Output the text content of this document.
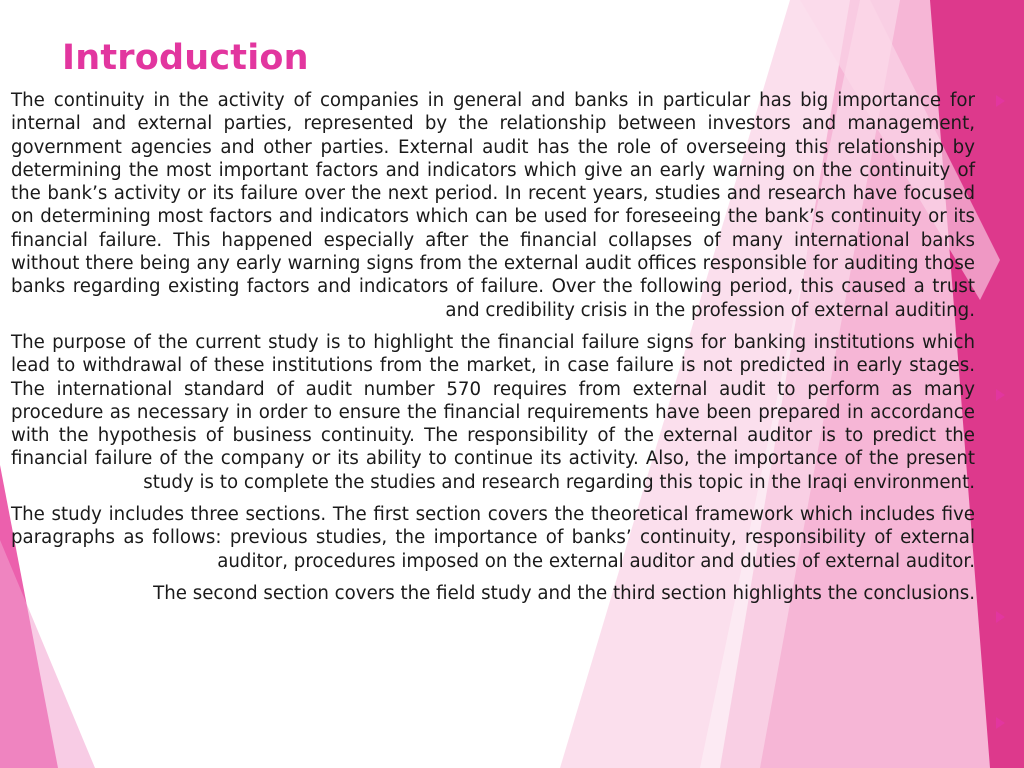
Introduction

The continuity in the activity of companies in general and banks in particular has big importance for internal and external parties, represented by the relationship between investors and management, government agencies and other parties. External audit has the role of overseeing this relationship by determining the most important factors and indicators which give an early warning on the continuity of the bank’s activity or its failure over the next period. In recent years, studies and research have focused on determining most factors and indicators which can be used for foreseeing the bank’s continuity or its financial failure. This happened especially after the financial collapses of many international banks without there being any early warning signs from the external audit offices responsible for auditing those banks regarding existing factors and indicators of failure. Over the following period, this caused a trust and credibility crisis in the profession of external auditing.

The purpose of the current study is to highlight the financial failure signs for banking institutions which lead to withdrawal of these institutions from the market, in case failure is not predicted in early stages. The international standard of audit number 570 requires from external audit to perform as many procedure as necessary in order to ensure the financial requirements have been prepared in accordance with the hypothesis of business continuity. The responsibility of the external auditor is to predict the financial failure of the company or its ability to continue its activity. Also, the importance of the present study is to complete the studies and research regarding this topic in the Iraqi environment.

The study includes three sections. The first section covers the theoretical framework which includes five paragraphs as follows: previous studies, the importance of banks’ continuity, responsibility of external auditor, procedures imposed on the external auditor and duties of external auditor.

The second section covers the field study and the third section highlights the conclusions.
